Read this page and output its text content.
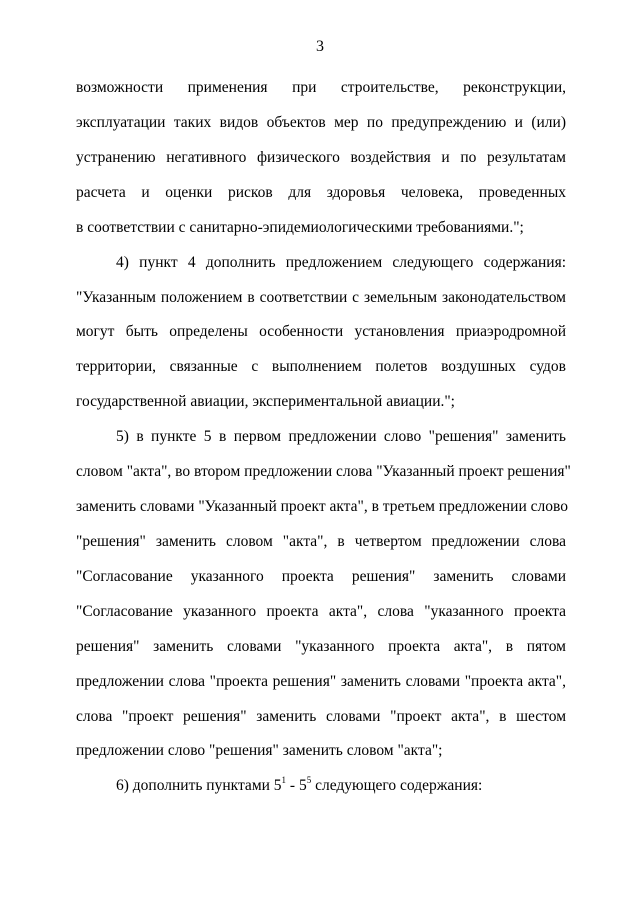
3
возможности применения при строительстве, реконструкции,
эксплуатации таких видов объектов мер по предупреждению и (или)
устранению негативного физического воздействия и по результатам
расчета и оценки рисков для здоровья человека, проведенных
в соответствии с санитарно-эпидемиологическими требованиями.";
4) пункт 4 дополнить предложением следующего содержания:
"Указанным положением в соответствии с земельным законодательством
могут быть определены особенности установления приаэродромной
территории, связанные с выполнением полетов воздушных судов
государственной авиации, экспериментальной авиации.";
5) в пункте 5 в первом предложении слово "решения" заменить
словом "акта", во втором предложении слова "Указанный проект решения"
заменить словами "Указанный проект акта", в третьем предложении слово
"решения" заменить словом "акта", в четвертом предложении слова
"Согласование указанного проекта решения" заменить словами
"Согласование указанного проекта акта", слова "указанного проекта
решения" заменить словами "указанного проекта акта", в пятом
предложении слова "проекта решения" заменить словами "проекта акта",
слова "проект решения" заменить словами "проект акта", в шестом
предложении слово "решения" заменить словом "акта";
6) дополнить пунктами $5^1 - 5^5$ следующего содержания:
